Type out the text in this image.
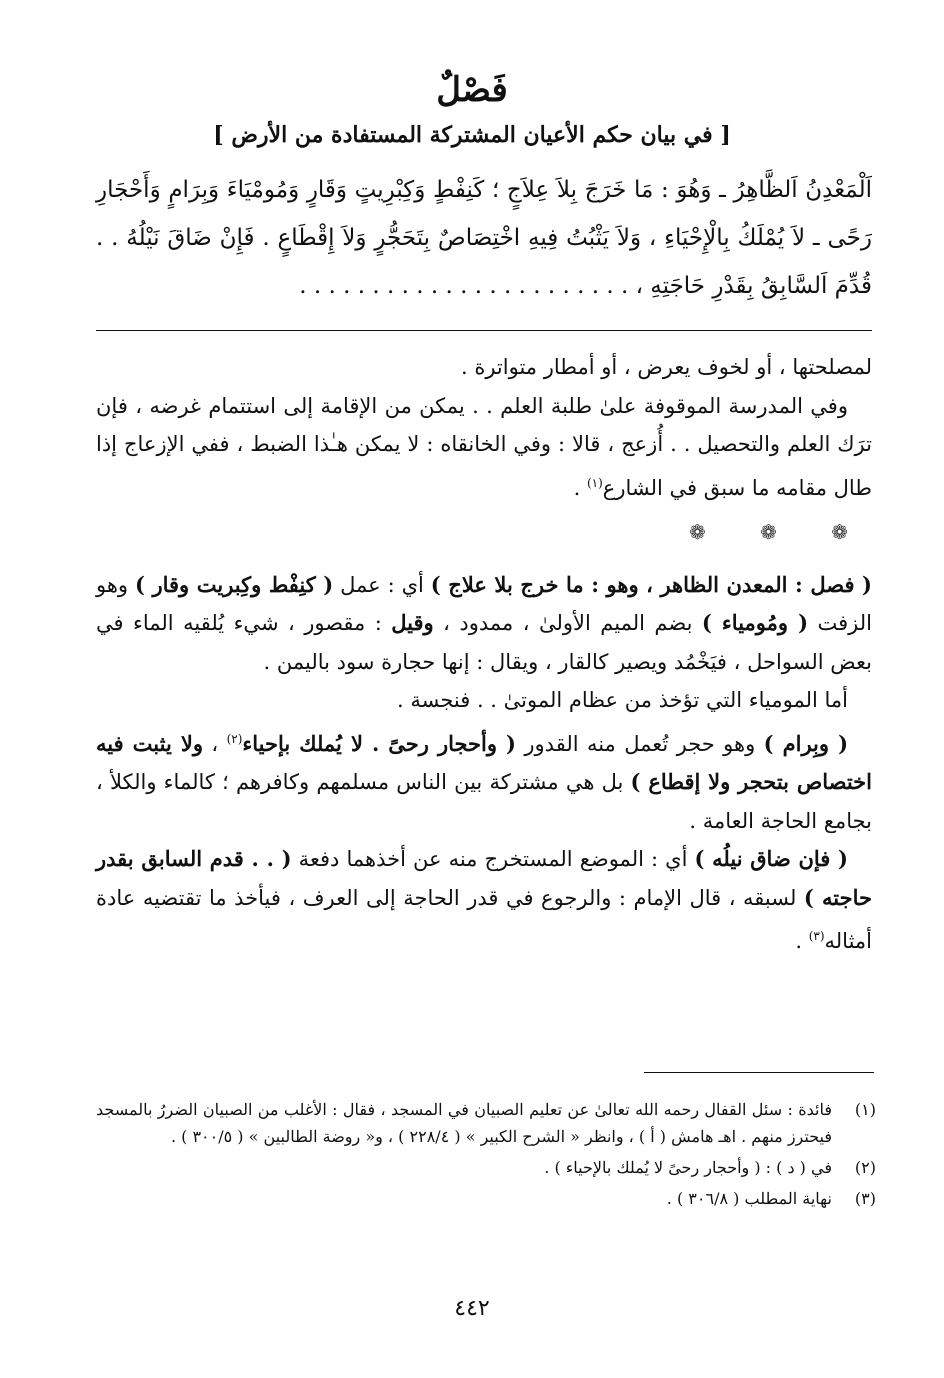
فَصْلٌ
[ في بيان حكم الأعيان المشتركة المستفادة من الأرض ]
اَلْمَعْدِنُ اَلظَّاهِرُ ـ وَهُوَ : مَا خَرَجَ بِلاَ عِلاَجٍ ؛ كَنِفْطٍ وَكِبْرِيتٍ وَقَارٍ وَمُومْيَاءَ وَبِرَامٍ وَأَحْجَارِ رَحًى ـ لاَ يُمْلَكُ بِالْإِحْيَاءِ ، وَلاَ يَثْبُتُ فِيهِ اخْتِصَاصٌ بِتَحَجُّرٍ وَلاَ إِقْطَاعٍ . فَإِنْ ضَاقَ نَيْلُهُ . . قُدِّمَ اَلسَّابِقُ بِقَدْرِ حَاجَتِهِ ، . . . . . . . . . . . . . . . . . . . . . . .

لمصلحتها ، أو لخوف يعرض ، أو أمطار متواترة .

وفي المدرسة الموقوفة علىٰ طلبة العلم . . يمكن من الإقامة إلى استتمام غرضه ، فإن ترَك العلم والتحصيل . . أُزعج ، قالا : وفي الخانقاه : لا يمكن هـٰذا الضبط ، ففي الإزعاج إذا طال مقامه ما سبق في الشارع$^{(١)}$ .

❁ ❁ ❁

( فصل : المعدن الظاهر ، وهو : ما خرج بلا علاج ) أي : عمل ( كنِفْط وكِبريت وقار ) وهو الزفت ( ومُومياء ) بضم الميم الأولىٰ ، ممدود ، وقيل : مقصور ، شيء يُلقيه الماء في بعض السواحل ، فيَخْمُد ويصير كالقار ، ويقال : إنها حجارة سود باليمن .

أما المومياء التي تؤخذ من عظام الموتىٰ . . فنجسة .

( وبِرام ) وهو حجر تُعمل منه القدور ( وأحجار رحىً . لا يُملك بإحياء$^{(٢)}$ ، ولا يثبت فيه اختصاص بتحجر ولا إقطاع ) بل هي مشتركة بين الناس مسلمهم وكافرهم ؛ كالماء والكلأ ، بجامع الحاجة العامة .

( فإن ضاق نيلُه ) أي : الموضع المستخرج منه عن أخذهما دفعة ( . . قدم السابق بقدر حاجته ) لسبقه ، قال الإمام : والرجوع في قدر الحاجة إلى العرف ، فيأخذ ما تقتضيه عادة أمثاله$^{(٣)}$ .

(١)
فائدة : سئل القفال رحمه الله تعالىٰ عن تعليم الصبيان في المسجد ، فقال : الأغلب من الصبيان الضررُ بالمسجد فيحترز منهم . اهـ هامش ( أ ) ، وانظر « الشرح الكبير » ( ٢٢٨/٤ ) ، و« روضة الطالبين » ( ٣٠٠/٥ ) .
(٢)
في ( د ) : ( وأحجار رحىً لا يُملك بالإحياء ) .
(٣)
نهاية المطلب ( ٣٠٦/٨ ) .
٤٤٢
